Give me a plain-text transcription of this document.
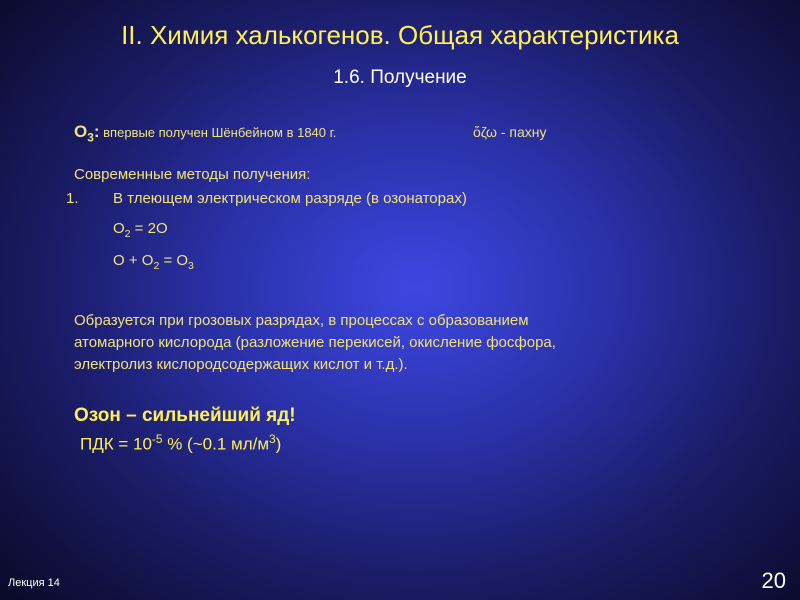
II. Химия халькогенов. Общая характеристика
1.6. Получение
$O_3$: впервые получен Шёнбейном в 1840 г.	ὄζω - пахну
Современные методы получения:
1. В тлеющем электрическом разряде (в озонаторах)
$O_2 = 2O$
$O + O_2 = O_3$
Образуется при грозовых разрядах, в процессах с образованием
атомарного кислорода (разложение перекисей, окисление фосфора,
электролиз кислородсодержащих кислот и т.д.).
Озон – сильнейший яд!
ПДК = $10^{-5}$ % (~0.1 $мл/м^3$)
Лекция 14	20
